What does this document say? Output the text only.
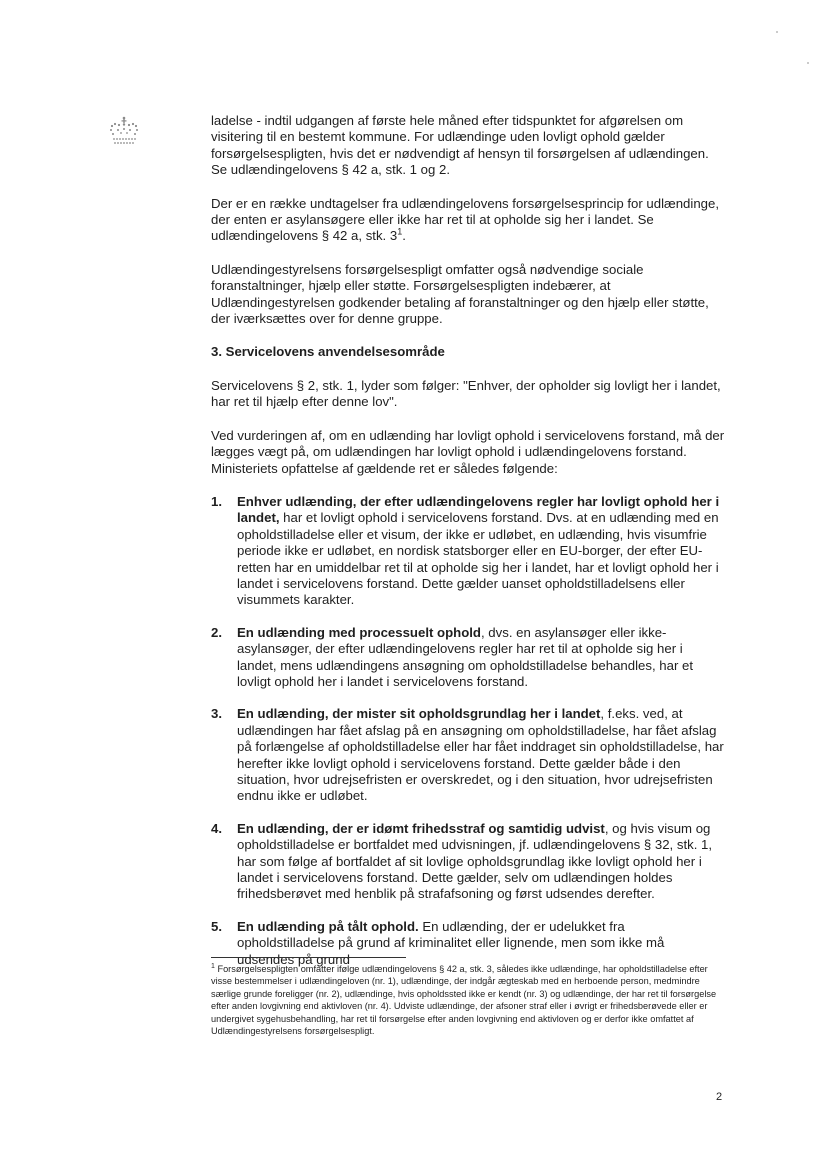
ladelse - indtil udgangen af første hele måned efter tidspunktet for afgørelsen om visitering til en bestemt kommune. For udlændinge uden lovligt ophold gælder forsørgelsespligten, hvis det er nødvendigt af hensyn til forsørgelsen af udlændingen. Se udlændingelovens § 42 a, stk. 1 og 2.

Der er en række undtagelser fra udlændingelovens forsørgelsesprincip for udlændinge, der enten er asylansøgere eller ikke har ret til at opholde sig her i landet. Se udlændingelovens § 42 a, stk. $3^1$.

Udlændingestyrelsens forsørgelsespligt omfatter også nødvendige sociale foranstaltninger, hjælp eller støtte. Forsørgelsespligten indebærer, at Udlændingestyrelsen godkender betaling af foranstaltninger og den hjælp eller støtte, der iværksættes over for denne gruppe.

3. Servicelovens anvendelsesområde

Servicelovens § 2, stk. 1, lyder som følger: "Enhver, der opholder sig lovligt her i landet, har ret til hjælp efter denne lov".

Ved vurderingen af, om en udlænding har lovligt ophold i servicelovens forstand, må der lægges vægt på, om udlændingen har lovligt ophold i udlændingelovens forstand. Ministeriets opfattelse af gældende ret er således følgende:

1. Enhver udlænding, der efter udlændingelovens regler har lovligt ophold her i landet, har et lovligt ophold i servicelovens forstand. Dvs. at en udlænding med en opholdstilladelse eller et visum, der ikke er udløbet, en udlænding, hvis visumfrie periode ikke er udløbet, en nordisk statsborger eller en EU-borger, der efter EU-retten har en umiddelbar ret til at opholde sig her i landet, har et lovligt ophold her i landet i servicelovens forstand. Dette gælder uanset opholdstilladelsens eller visummets karakter.
2. En udlænding med processuelt ophold, dvs. en asylansøger eller ikke-asylansøger, der efter udlændingelovens regler har ret til at opholde sig her i landet, mens udlændingens ansøgning om opholdstilladelse behandles, har et lovligt ophold her i landet i servicelovens forstand.
3. En udlænding, der mister sit opholdsgrundlag her i landet, f.eks. ved, at udlændingen har fået afslag på en ansøgning om opholdstilladelse, har fået afslag på forlængelse af opholdstilladelse eller har fået inddraget sin opholdstilladelse, har herefter ikke lovligt ophold i servicelovens forstand. Dette gælder både i den situation, hvor udrejsefristen er overskredet, og i den situation, hvor udrejsefristen endnu ikke er udløbet.
4. En udlænding, der er idømt frihedsstraf og samtidig udvist, og hvis visum og opholdstilladelse er bortfaldet med udvisningen, jf. udlændingelovens § 32, stk. 1, har som følge af bortfaldet af sit lovlige opholdsgrundlag ikke lovligt ophold her i landet i servicelovens forstand. Dette gælder, selv om udlændingen holdes frihedsberøvet med henblik på strafafsoning og først udsendes derefter.
5. En udlænding på tålt ophold. En udlænding, der er udelukket fra opholdstilladelse på grund af kriminalitet eller lignende, men som ikke må udsendes på grund
$^1$ Forsørgelsespligten omfatter ifølge udlændingelovens § 42 a, stk. 3, således ikke udlændinge, har opholdstilladelse efter visse bestemmelser i udlændingeloven (nr. 1), udlændinge, der indgår ægteskab med en herboende person, medmindre særlige grunde foreligger (nr. 2), udlændinge, hvis opholdssted ikke er kendt (nr. 3) og udlændinge, der har ret til forsørgelse efter anden lovgivning end aktivloven (nr. 4). Udviste udlændinge, der afsoner straf eller i øvrigt er frihedsberøvede eller er undergivet sygehusbehandling, har ret til forsørgelse efter anden lovgivning end aktivloven og er derfor ikke omfattet af Udlændingestyrelsens forsørgelsespligt.
2
